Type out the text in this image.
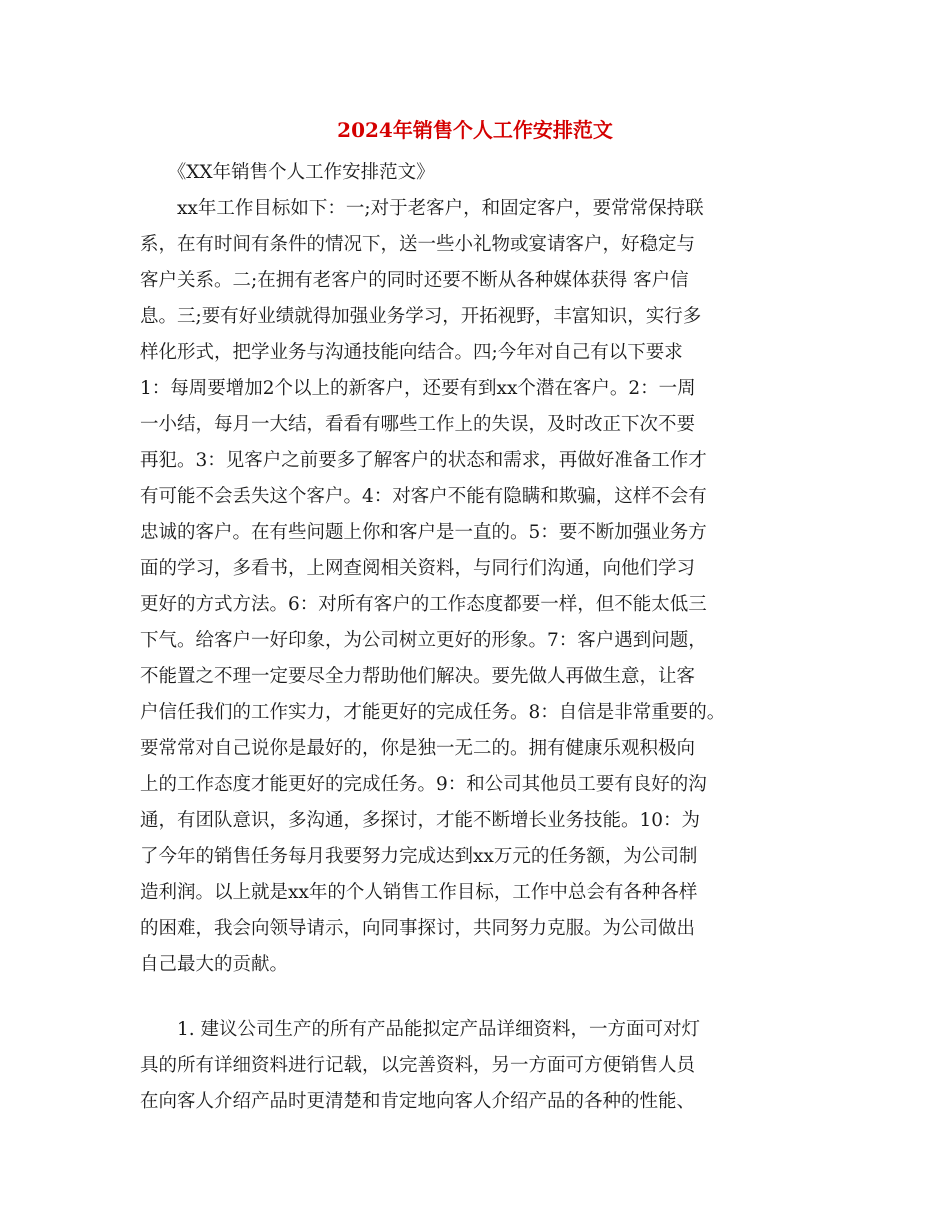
2024年销售个人工作安排范文
　　《XX年销售个人工作安排范文》
　　xx年工作目标如下：一;对于老客户，和固定客户，要常常保持联
系，在有时间有条件的情况下，送一些小礼物或宴请客户，好稳定与
客户关系。二;在拥有老客户的同时还要不断从各种媒体获得 客户信
息。三;要有好业绩就得加强业务学习，开拓视野，丰富知识，实行多
样化形式，把学业务与沟通技能向结合。四;今年对自己有以下要求
1：每周要增加2个以上的新客户，还要有到xx个潜在客户。2：一周
一小结，每月一大结，看看有哪些工作上的失误，及时改正下次不要
再犯。3：见客户之前要多了解客户的状态和需求，再做好准备工作才
有可能不会丢失这个客户。4：对客户不能有隐瞒和欺骗，这样不会有
忠诚的客户。在有些问题上你和客户是一直的。5：要不断加强业务方
面的学习，多看书，上网查阅相关资料，与同行们沟通，向他们学习
更好的方式方法。6：对所有客户的工作态度都要一样，但不能太低三
下气。给客户一好印象，为公司树立更好的形象。7：客户遇到问题，
不能置之不理一定要尽全力帮助他们解决。要先做人再做生意，让客
户信任我们的工作实力，才能更好的完成任务。8：自信是非常重要的。
要常常对自己说你是最好的，你是独一无二的。拥有健康乐观积极向
上的工作态度才能更好的完成任务。9：和公司其他员工要有良好的沟
通，有团队意识，多沟通，多探讨，才能不断增长业务技能。10：为
了今年的销售任务每月我要努力完成达到xx万元的任务额，为公司制
造利润。以上就是xx年的个人销售工作目标，工作中总会有各种各样
的困难，我会向领导请示，向同事探讨，共同努力克服。为公司做出
自己最大的贡献。
　　1. 建议公司生产的所有产品能拟定产品详细资料，一方面可对灯
具的所有详细资料进行记载，以完善资料，另一方面可方便销售人员
在向客人介绍产品时更清楚和肯定地向客人介绍产品的各种的性能、
